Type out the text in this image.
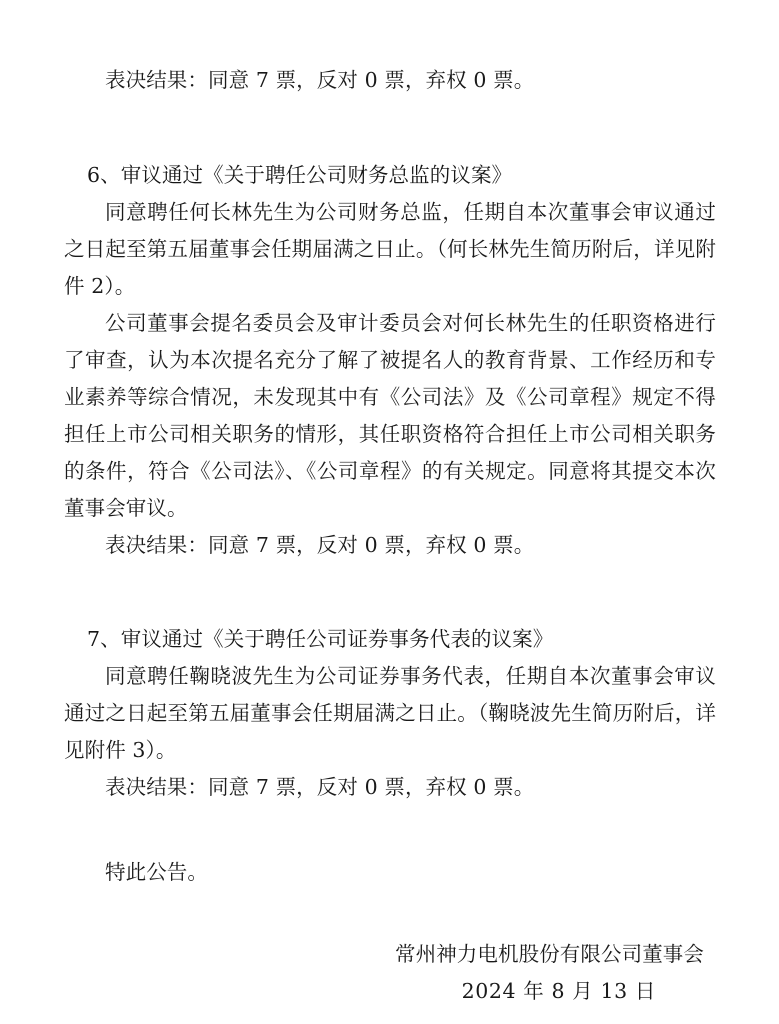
表决结果：同意 7 票，反对 0 票，弃权 0 票。
6、审议通过《关于聘任公司财务总监的议案》

同意聘任何长林先生为公司财务总监，任期自本次董事会审议通过之日起至第五届董事会任期届满之日止。（何长林先生简历附后，详见附件 2）。

公司董事会提名委员会及审计委员会对何长林先生的任职资格进行了审查，认为本次提名充分了解了被提名人的教育背景、工作经历和专业素养等综合情况，未发现其中有《公司法》及《公司章程》规定不得担任上市公司相关职务的情形，其任职资格符合担任上市公司相关职务的条件，符合《公司法》、《公司章程》的有关规定。同意将其提交本次董事会审议。

表决结果：同意 7 票，反对 0 票，弃权 0 票。
7、审议通过《关于聘任公司证券事务代表的议案》

同意聘任鞠晓波先生为公司证券事务代表，任期自本次董事会审议通过之日起至第五届董事会任期届满之日止。（鞠晓波先生简历附后，详见附件 3）。

表决结果：同意 7 票，反对 0 票，弃权 0 票。
特此公告。
常州神力电机股份有限公司董事会
2024 年 8 月 13 日
